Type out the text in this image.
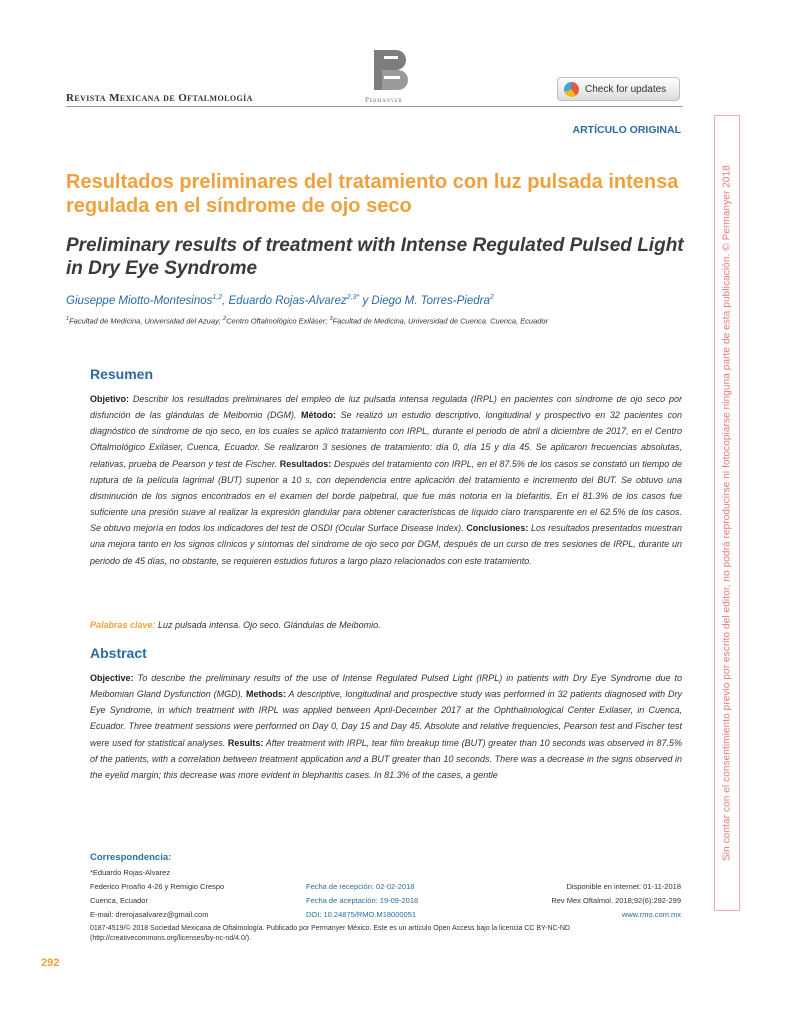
Revista Mexicana de Oftalmología	Permanyer
Check for updates
ARTÍCULO ORIGINAL
Resultados preliminares del tratamiento con luz pulsada intensa regulada en el síndrome de ojo seco
Preliminary results of treatment with Intense Regulated Pulsed Light in Dry Eye Syndrome
Giuseppe Miotto-Montesinos$^{1,2}$, Eduardo Rojas-Alvarez$^{2,3*}$ y Diego M. Torres-Piedra$^2$
$^1$Facultad de Medicina, Universidad del Azuay; $^2$Centro Oftalmológico Exiláser; $^3$Facultad de Medicina, Universidad de Cuenca. Cuenca, Ecuador
Resumen
Objetivo: Describir los resultados preliminares del empleo de luz pulsada intensa regulada (IRPL) en pacientes con síndrome de ojo seco por disfunción de las glándulas de Meibomio (DGM). Método: Se realizó un estudio descriptivo, longitudinal y prospectivo en 32 pacientes con diagnóstico de síndrome de ojo seco, en los cuales se aplicó tratamiento con IRPL, durante el periodo de abril a diciembre de 2017, en el Centro Oftalmológico Exiláser, Cuenca, Ecuador. Se realizaron 3 sesiones de tratamiento: día 0, día 15 y día 45. Se aplicaron frecuencias absolutas, relativas, prueba de Pearson y test de Fischer. Resultados: Después del tratamiento con IRPL, en el 87.5% de los casos se constató un tiempo de ruptura de la película lagrimal (BUT) superior a 10 s, con dependencia entre aplicación del tratamiento e incremento del BUT. Se obtuvo una disminución de los signos encontrados en el examen del borde palpebral, que fue más notoria en la blefaritis. En el 81.3% de los casos fue suficiente una presión suave al realizar la expresión glandular para obtener características de líquido claro transparente en el 62.5% de los casos. Se obtuvo mejoría en todos los indicadores del test de OSDI (Ocular Surface Disease Index). Conclusiones: Los resultados presentados muestran una mejora tanto en los signos clínicos y síntomas del síndrome de ojo seco por DGM, después de un curso de tres sesiones de IRPL, durante un periodo de 45 días, no obstante, se requieren estudios futuros a largo plazo relacionados con este tratamiento.
Palabras clave: Luz pulsada intensa. Ojo seco. Glándulas de Meibomio.
Abstract
Objective: To describe the preliminary results of the use of Intense Regulated Pulsed Light (IRPL) in patients with Dry Eye Syndrome due to Meibomian Gland Dysfunction (MGD). Methods: A descriptive, longitudinal and prospective study was performed in 32 patients diagnosed with Dry Eye Syndrome, in which treatment with IRPL was applied between April-December 2017 at the Ophthalmological Center Exilaser, in Cuenca, Ecuador. Three treatment sessions were performed on Day 0, Day 15 and Day 45. Absolute and relative frequencies, Pearson test and Fischer test were used for statistical analyses. Results: After treatment with IRPL, tear film breakup time (BUT) greater than 10 seconds was observed in 87.5% of the patients, with a correlation between treatment application and a BUT greater than 10 seconds. There was a decrease in the signs observed in the eyelid margin; this decrease was more evident in blepharitis cases. In 81.3% of the cases, a gentle
Correspondencia:
*Eduardo Rojas-Alvarez
Federico Proaño 4-26 y Remigio Crespo
Cuenca, Ecuador
E-mail: drerojasalvarez@gmail.com
Fecha de recepción: 02-02-2018
Fecha de aceptación: 19-09-2018
DOI: 10.24875/RMO.M18000051
Disponible en internet: 01-11-2018
Rev Mex Oftalmol. 2018;92(6):292-299
www.rmo.com.mx
0187-4519/© 2018 Sociedad Mexicana de Oftalmología. Publicado por Permanyer México. Este es un artículo Open Access bajo la licencia CC BY-NC-ND (http://creativecommons.org/licenses/by-nc-nd/4.0/).
292
Sin contar con el consentimiento previo por escrito del editor, no podrá reproducirse ni fotocopiarse ninguna parte de esta publicación. © Permanyer 2018
